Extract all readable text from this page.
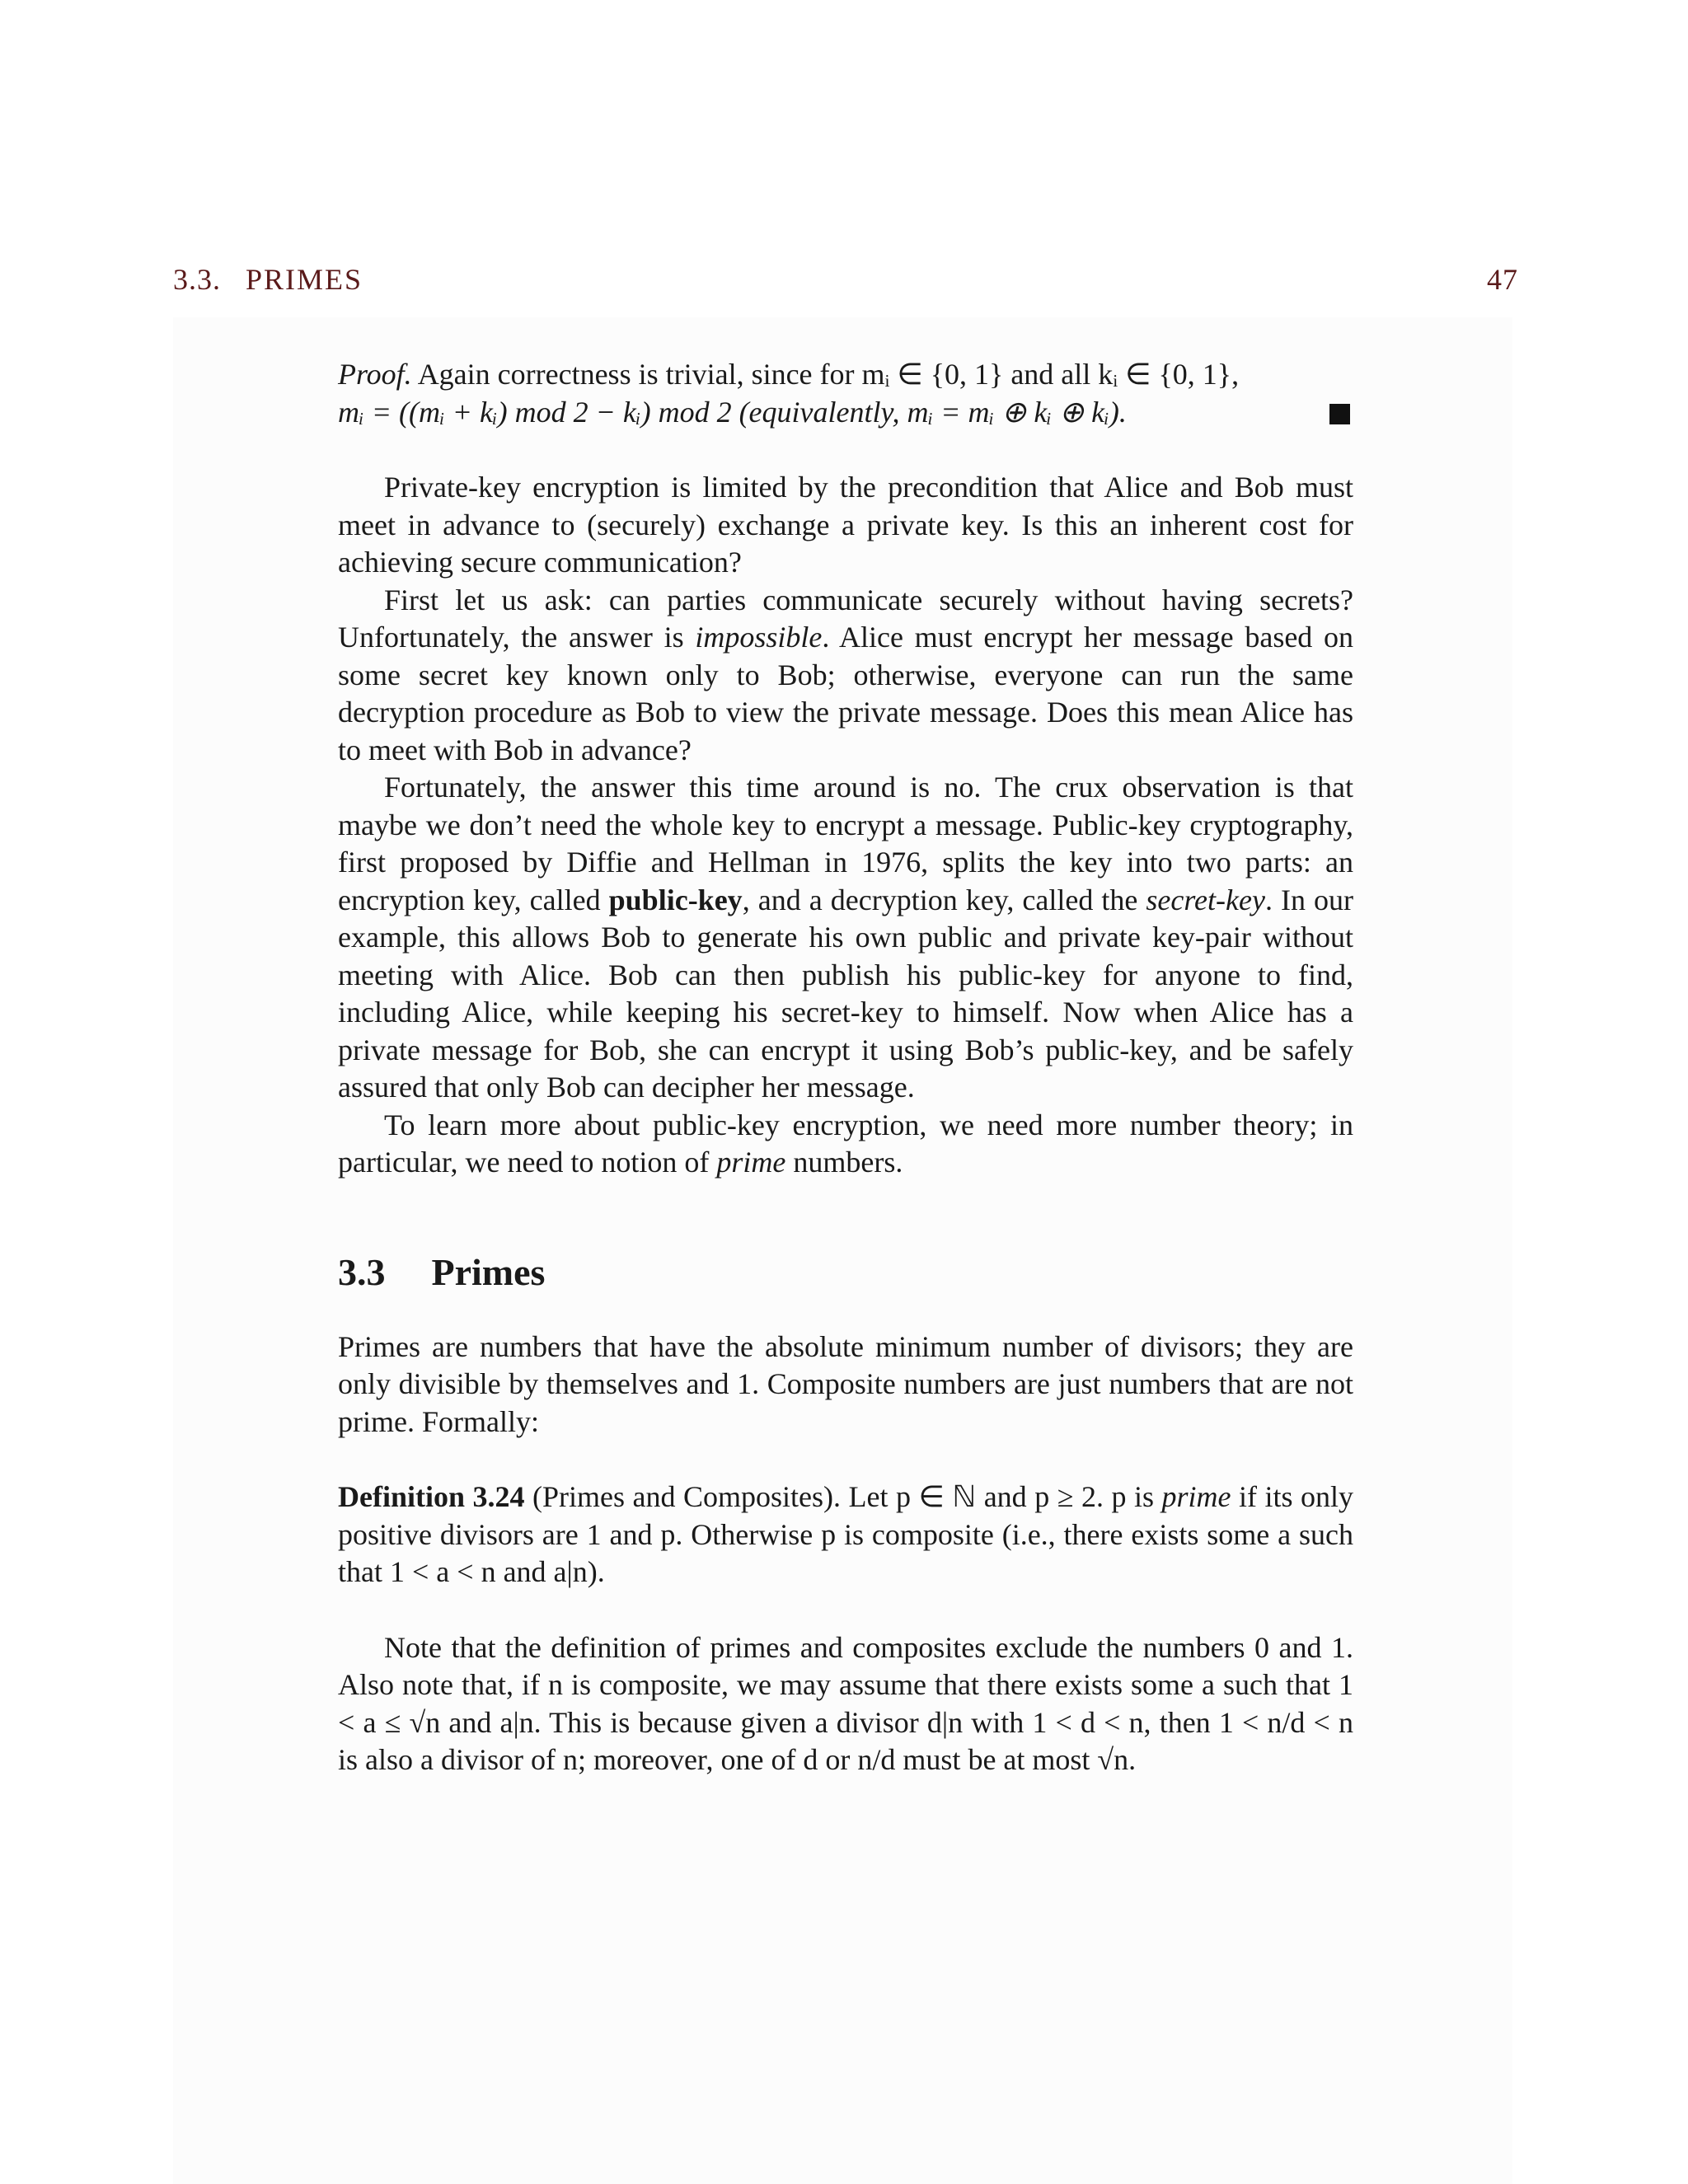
3.3. PRIMES	47

Proof. Again correctness is trivial, since for mᵢ ∈ {0, 1} and all kᵢ ∈ {0, 1},
mᵢ = ((mᵢ + kᵢ) mod 2 − kᵢ) mod 2 (equivalently, mᵢ = mᵢ ⊕ kᵢ ⊕ kᵢ).

Private-key encryption is limited by the precondition that Alice and Bob must meet in advance to (securely) exchange a private key. Is this an inherent cost for achieving secure communication?

First let us ask: can parties communicate securely without having secrets? Unfortunately, the answer is impossible. Alice must encrypt her message based on some secret key known only to Bob; otherwise, everyone can run the same decryption procedure as Bob to view the private message. Does this mean Alice has to meet with Bob in advance?

Fortunately, the answer this time around is no. The crux observation is that maybe we don’t need the whole key to encrypt a message. Public-key cryptography, first proposed by Diffie and Hellman in 1976, splits the key into two parts: an encryption key, called public-key, and a decryption key, called the secret-key. In our example, this allows Bob to generate his own public and private key-pair without meeting with Alice. Bob can then publish his public-key for anyone to find, including Alice, while keeping his secret-key to himself. Now when Alice has a private message for Bob, she can encrypt it using Bob’s public-key, and be safely assured that only Bob can decipher her message.

To learn more about public-key encryption, we need more number theory; in particular, we need to notion of prime numbers.

3.3 Primes

Primes are numbers that have the absolute minimum number of divisors; they are only divisible by themselves and 1. Composite numbers are just numbers that are not prime. Formally:

Definition 3.24 (Primes and Composites). Let p ∈ ℕ and p ≥ 2. p is prime if its only positive divisors are 1 and p. Otherwise p is composite (i.e., there exists some a such that 1 < a < n and a|n).

Note that the definition of primes and composites exclude the numbers 0 and 1. Also note that, if n is composite, we may assume that there exists some a such that 1 < a ≤ √n and a|n. This is because given a divisor d|n with 1 < d < n, then 1 < n/d < n is also a divisor of n; moreover, one of d or n/d must be at most √n.
